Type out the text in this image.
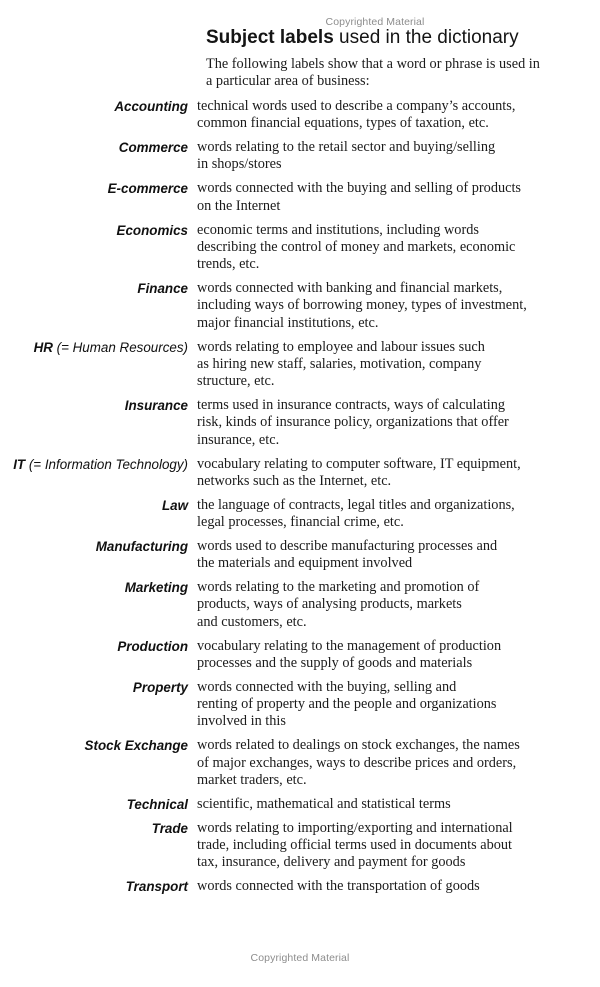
Copyrighted Material
Subject labels used in the dictionary
The following labels show that a word or phrase is used in
a particular area of business:
Accounting technical words used to describe a company’s accounts,
common financial equations, types of taxation, etc.
Commerce words relating to the retail sector and buying/selling
in shops/stores
E-commerce words connected with the buying and selling of products
on the Internet
Economics economic terms and institutions, including words
describing the control of money and markets, economic
trends, etc.
Finance words connected with banking and financial markets,
including ways of borrowing money, types of investment,
major financial institutions, etc.
HR (= Human Resources) words relating to employee and labour issues such
as hiring new staff, salaries, motivation, company
structure, etc.
Insurance terms used in insurance contracts, ways of calculating
risk, kinds of insurance policy, organizations that offer
insurance, etc.
IT (= Information Technology) vocabulary relating to computer software, IT equipment,
networks such as the Internet, etc.
Law the language of contracts, legal titles and organizations,
legal processes, financial crime, etc.
Manufacturing words used to describe manufacturing processes and
the materials and equipment involved
Marketing words relating to the marketing and promotion of
products, ways of analysing products, markets
and customers, etc.
Production vocabulary relating to the management of production
processes and the supply of goods and materials
Property words connected with the buying, selling and
renting of property and the people and organizations
involved in this
Stock Exchange words related to dealings on stock exchanges, the names
of major exchanges, ways to describe prices and orders,
market traders, etc.
Technical scientific, mathematical and statistical terms
Trade words relating to importing/exporting and international
trade, including official terms used in documents about
tax, insurance, delivery and payment for goods
Transport words connected with the transportation of goods
Copyrighted Material
